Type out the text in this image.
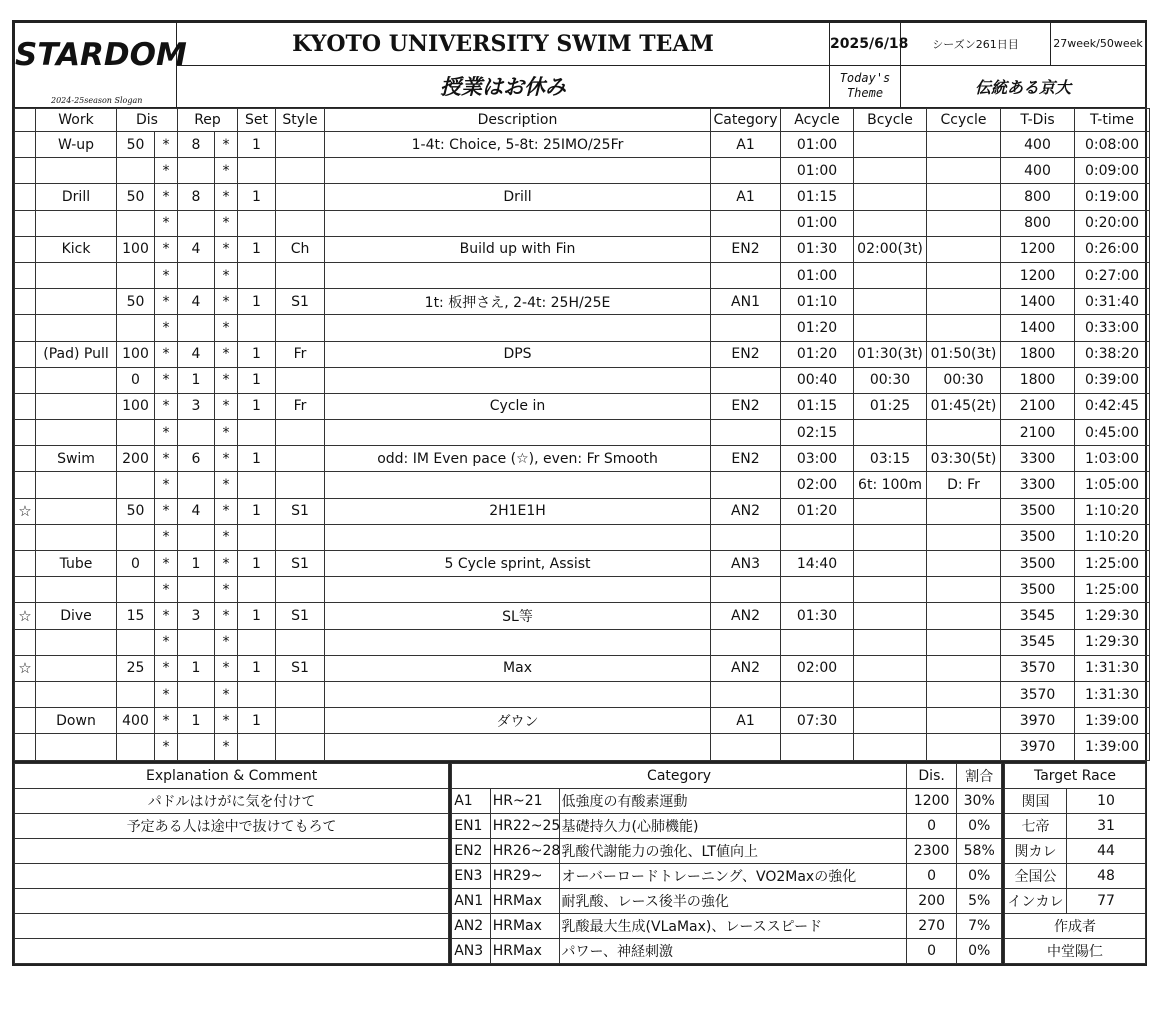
STARDOM
2024-25season Slogan	KYOTO UNIVERSITY SWIM TEAM	2025/6/18	シーズン261日目	27week/50week
	授業はお休み	Today's
Theme	伝統ある京大	
	Work	Dis		Rep		Set	Style	Description	Category	Acycle	Bcycle	Ccycle	T-Dis	T-time
	W-up	50	*	8	*	1		1-4t: Choice, 5-8t: 25IMO/25Fr	A1	01:00			400	0:08:00
			*		*					01:00			400	0:09:00
	Drill	50	*	8	*	1		Drill	A1	01:15			800	0:19:00
			*		*					01:00			800	0:20:00
	Kick	100	*	4	*	1	Ch	Build up with Fin	EN2	01:30	02:00(3t)		1200	0:26:00
			*		*					01:00			1200	0:27:00
		50	*	4	*	1	S1	1t: 板押さえ, 2-4t: 25H/25E	AN1	01:10			1400	0:31:40
			*		*					01:20			1400	0:33:00
	(Pad) Pull	100	*	4	*	1	Fr	DPS	EN2	01:20	01:30(3t)	01:50(3t)	1800	0:38:20
		0	*	1	*	1				00:40	00:30	00:30	1800	0:39:00
		100	*	3	*	1	Fr	Cycle in	EN2	01:15	01:25	01:45(2t)	2100	0:42:45
			*		*					02:15			2100	0:45:00
	Swim	200	*	6	*	1		odd: IM Even pace (☆), even: Fr Smooth	EN2	03:00	03:15	03:30(5t)	3300	1:03:00
			*		*					02:00	6t: 100m	D: Fr	3300	1:05:00
☆		50	*	4	*	1	S1	2H1E1H	AN2	01:20			3500	1:10:20
			*		*								3500	1:10:20
	Tube	0	*	1	*	1	S1	5 Cycle sprint, Assist	AN3	14:40			3500	1:25:00
			*		*								3500	1:25:00
☆	Dive	15	*	3	*	1	S1	SL等	AN2	01:30			3545	1:29:30
			*		*								3545	1:29:30
☆		25	*	1	*	1	S1	Max	AN2	02:00			3570	1:31:30
			*		*								3570	1:31:30
	Down	400	*	1	*	1		ダウン	A1	07:30			3970	1:39:00
			*		*								3970	1:39:00
Explanation & Comment
パドルはけがに気を付けて
予定ある人は途中で抜けてもろて

Category			Dis.	割合
A1	HR~21	低強度の有酸素運動	1200	30%
EN1	HR22~25	基礎持久力(心肺機能)	0	0%
EN2	HR26~28	乳酸代謝能力の強化、LT値向上	2300	58%
EN3	HR29~	オーバーロードトレーニング、VO2Maxの強化	0	0%
AN1	HRMax	耐乳酸、レース後半の強化	200	5%
AN2	HRMax	乳酸最大生成(VLaMax)、レーススピード	270	7%
AN3	HRMax	パワー、神経刺激	0	0%
Target Race	
関国	10
七帝	31
関カレ	44
全国公	48
インカレ	77
作成者	
中堂陽仁	
